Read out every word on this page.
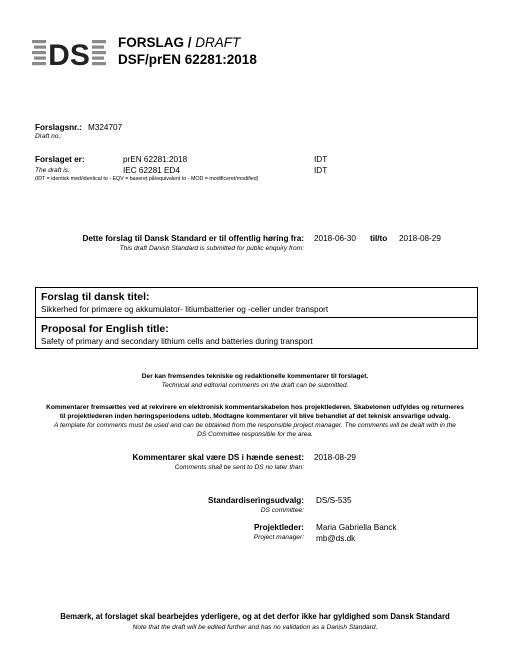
DS FORSLAG / DRAFT
DSF/prEN 62281:2018
Forslagsnr.: M324707
Draft no.:
Forslaget er:	prEN 62281:2018	IDT
The draft is:	IEC 62281 ED4	IDT
(IDT = identisk med/identical to - EQV = baseret på/equivalent to - MOD = modificeret/modified)
Dette forslag til Dansk Standard er til offentlig høring fra:
This draft Danish Standard is submitted for public enquiry from:
2018-06-30 til/to 2018-08-29
Forslag til dansk titel:
Sikkerhed for primære og akkumulator- litiumbatterier og -celler under transport
Proposal for English title:
Safety of primary and secondary lithium cells and batteries during transport
Der kan fremsendes tekniske og redaktionelle kommentarer til forslaget.
Technical and editorial comments on the draft can be submitted.
Kommentarer fremsættes ved at rekvirere en elektronisk kommentarskabelon hos projektlederen. Skabelonen udfyldes og returneres
til projektlederen inden høringsperiodens udløb. Modtagne kommentarer vil blive behandlet af det teknisk ansvarlige udvalg.
A template for comments must be used and can be obtained from the responsible project manager. The comments will be dealt with in the
DS Committee responsible for the area.
Kommentarer skal være DS i hænde senest:
Comments shall be sent to DS no later than:
2018-08-29
Standardiseringsudvalg:
DS committee:
DS/S-535
Projektleder:
Project manager:
Maria Gabriella Banck
mb@ds.dk
Bemærk, at forslaget skal bearbejdes yderligere, og at det derfor ikke har gyldighed som Dansk Standard
Note that the draft will be edited further and has no validation as a Danish Standard.
